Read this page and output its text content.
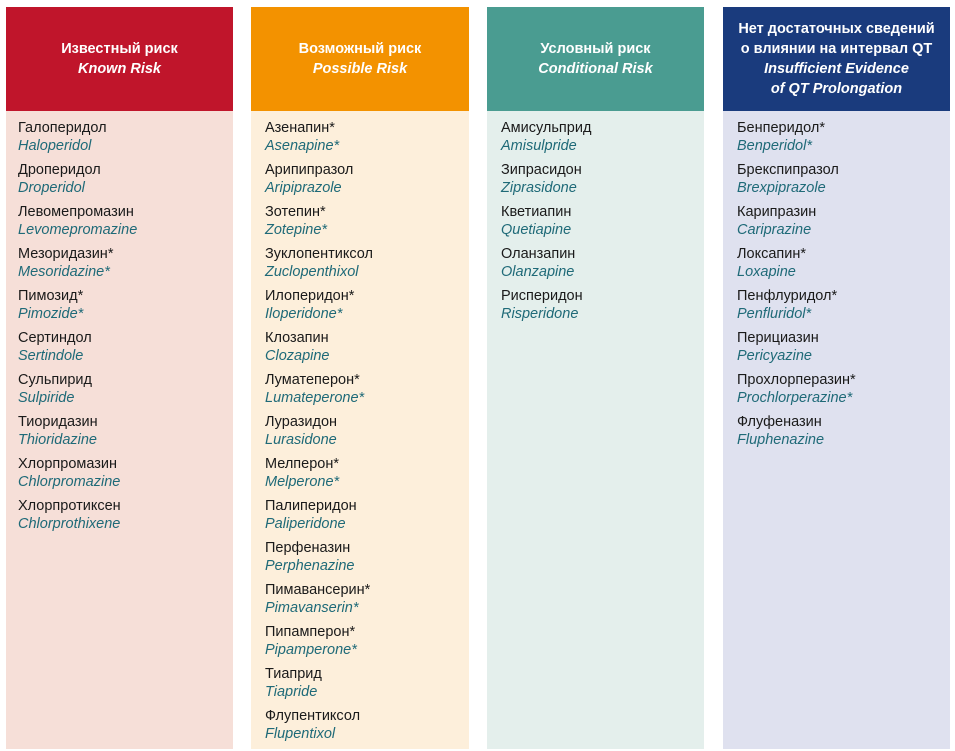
Известный риск
Known Risk
Галоперидол
Haloperidol
Дроперидол
Droperidol
Левомепромазин
Levomepromazine
Мезоридазин*
Mesoridazine*
Пимозид*
Pimozide*
Сертиндол
Sertindole
Сульпирид
Sulpiride
Тиоридазин
Thioridazine
Хлорпромазин
Chlorpromazine
Хлорпротиксен
Chlorprothixene
Возможный риск
Possible Risk
Азенапин*
Asenapine*
Арипипразол
Aripiprazole
Зотепин*
Zotepine*
Зуклопентиксол
Zuclopenthixol
Илоперидон*
Iloperidone*
Клозапин
Clozapine
Луматеперон*
Lumateperone*
Луразидон
Lurasidone
Мелперон*
Melperone*
Палиперидон
Paliperidone
Перфеназин
Perphenazine
Пимавансерин*
Pimavanserin*
Пипамперон*
Pipamperone*
Тиаприд
Tiapride
Флупентиксол
Flupentixol
Условный риск
Conditional Risk
Амисульприд
Amisulpride
Зипрасидон
Ziprasidone
Кветиапин
Quetiapine
Оланзапин
Olanzapine
Рисперидон
Risperidone
Нет достаточных сведений
о влиянии на интервал QT
Insufficient Evidence
of QT Prolongation
Бенперидол*
Benperidol*
Брекспипразол
Brexpiprazole
Карипразин
Cariprazine
Локсапин*
Loxapine
Пенфлуридол*
Penfluridol*
Перициазин
Pericyazine
Прохлорперазин*
Prochlorperazine*
Флуфеназин
Fluphenazine
